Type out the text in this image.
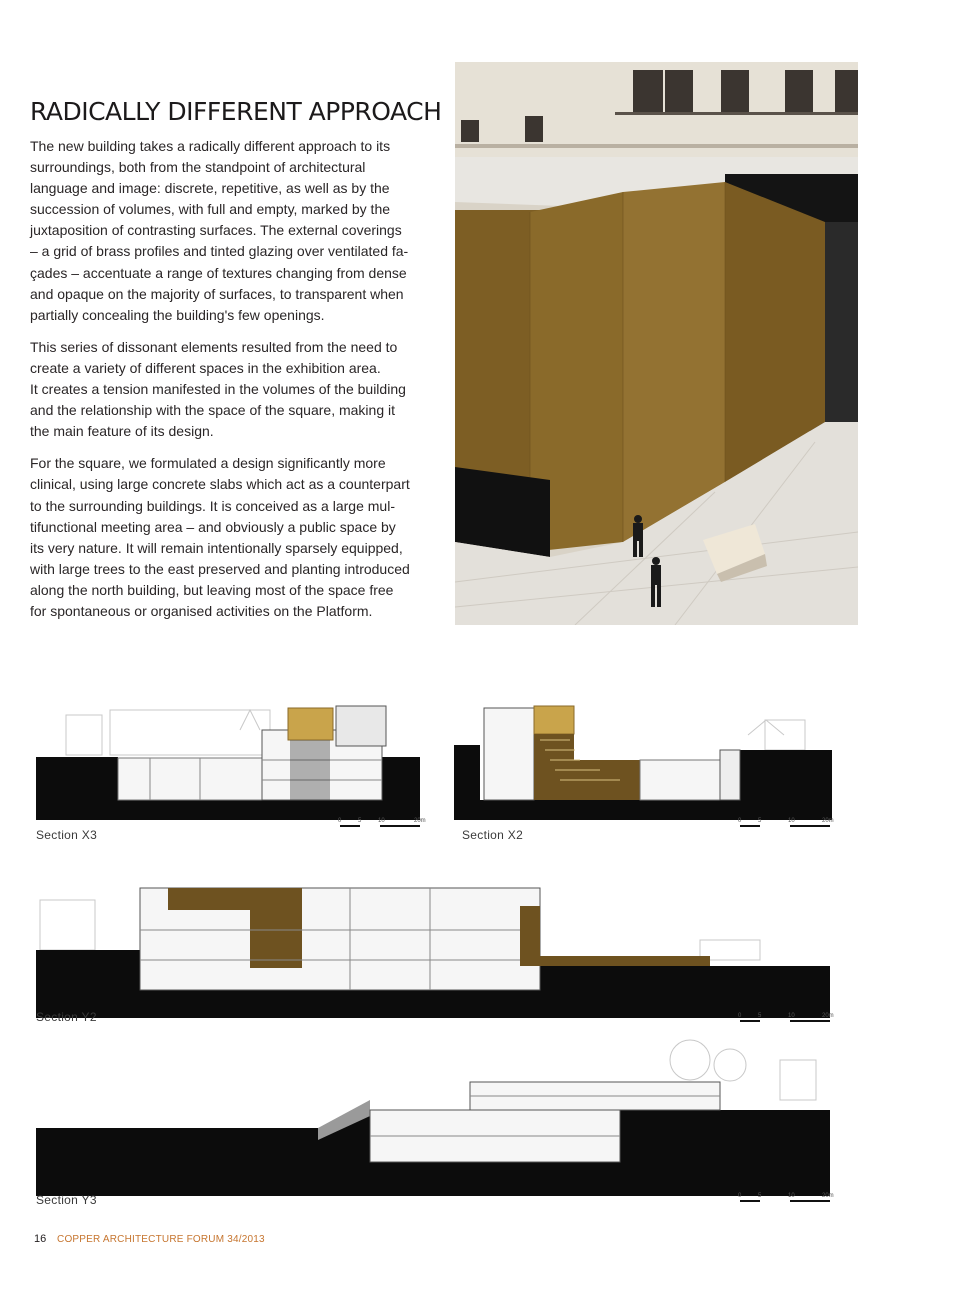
RADICALLY DIFFERENT APPROACH

The new building takes a radically different approach to its
surroundings, both from the standpoint of architectural
language and image: discrete, repetitive, as well as by the
succession of volumes, with full and empty, marked by the
juxtaposition of contrasting surfaces. The external coverings
– a grid of brass profiles and tinted glazing over ventilated fa-
çades – accentuate a range of textures changing from dense
and opaque on the majority of surfaces, to transparent when
partially concealing the building's few openings.

This series of dissonant elements resulted from the need to
create a variety of different spaces in the exhibition area.
It creates a tension manifested in the volumes of the building
and the relationship with the space of the square, making it
the main feature of its design.

For the square, we formulated a design significantly more
clinical, using large concrete slabs which act as a counterpart
to the surrounding buildings. It is conceived as a large mul-
tifunctional meeting area – and obviously a public space by
its very nature. It will remain intentionally sparsely equipped,
with large trees to the east preserved and planting introduced
along the north building, but leaving most of the space free
for spontaneous or organised activities on the Platform.

Section X3	Section X2
Section Y2
Section Y3
0	5	10	20m	0	5	10	20m
0	5	10	20m
0	5	10	20m
16 COPPER ARCHITECTURE FORUM 34/2013
